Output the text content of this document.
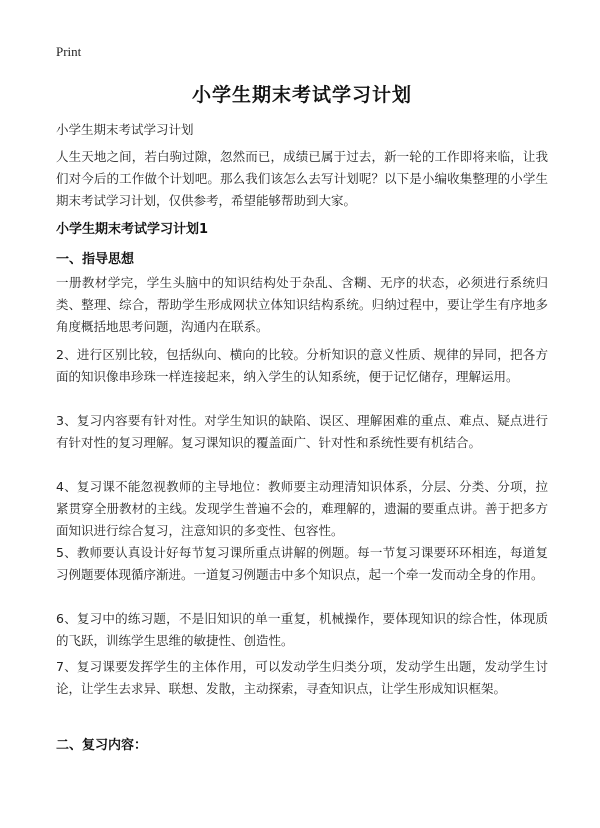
Print
小学生期末考试学习计划
小学生期末考试学习计划

人生天地之间，若白驹过隙，忽然而已，成绩已属于过去，新一轮的工作即将来临，让我们对今后的工作做个计划吧。那么我们该怎么去写计划呢？以下是小编收集整理的小学生期末考试学习计划，仅供参考，希望能够帮助到大家。

小学生期末考试学习计划1
一、指导思想

一册教材学完，学生头脑中的知识结构处于杂乱、含糊、无序的状态，必须进行系统归类、整理、综合，帮助学生形成网状立体知识结构系统。归纳过程中，要让学生有序地多角度概括地思考问题，沟通内在联系。

2、进行区别比较，包括纵向、横向的比较。分析知识的意义性质、规律的异同，把各方面的知识像串珍珠一样连接起来，纳入学生的认知系统，便于记忆储存，理解运用。

3、复习内容要有针对性。对学生知识的缺陷、误区、理解困难的重点、难点、疑点进行有针对性的复习理解。复习课知识的覆盖面广、针对性和系统性要有机结合。

4、复习课不能忽视教师的主导地位：教师要主动理清知识体系，分层、分类、分项，拉紧贯穿全册教材的主线。发现学生普遍不会的，难理解的，遗漏的要重点讲。善于把多方面知识进行综合复习，注意知识的多变性、包容性。

5、教师要认真设计好每节复习课所重点讲解的例题。每一节复习课要环环相连，每道复习例题要体现循序渐进。一道复习例题击中多个知识点，起一个牵一发而动全身的作用。

6、复习中的练习题，不是旧知识的单一重复，机械操作，要体现知识的综合性，体现质的飞跃，训练学生思维的敏捷性、创造性。

7、复习课要发挥学生的主体作用，可以发动学生归类分项，发动学生出题，发动学生讨论，让学生去求异、联想、发散，主动探索，寻查知识点，让学生形成知识框架。

二、复习内容：
